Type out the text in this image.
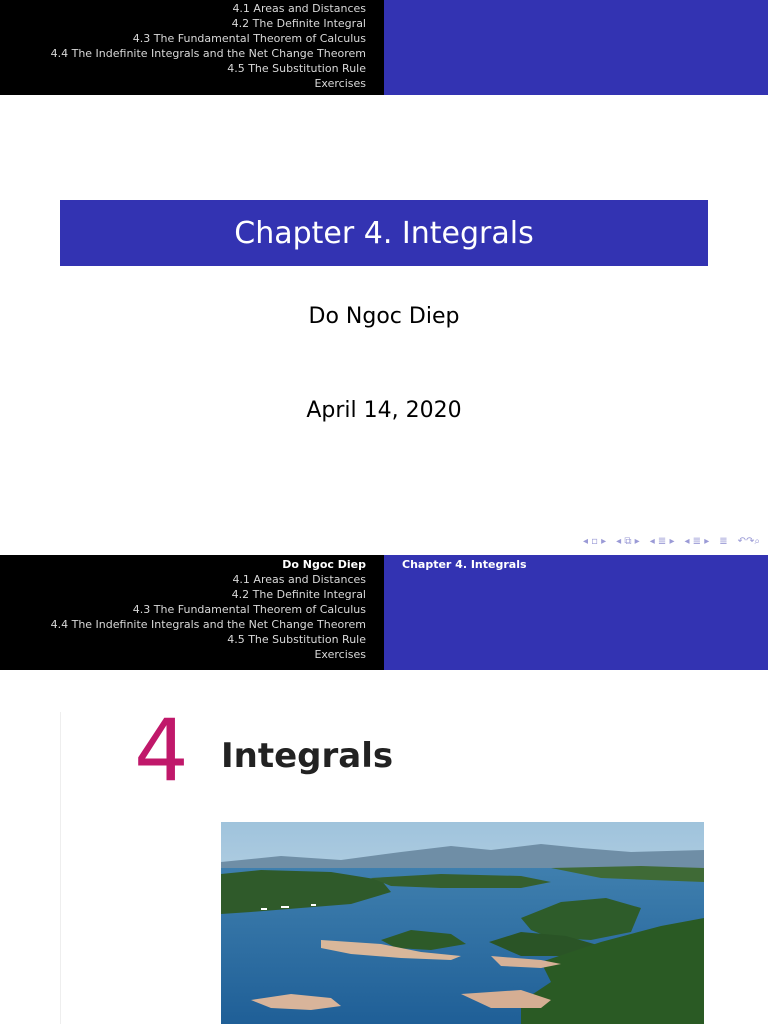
4.1 Areas and Distances
4.2 The Definite Integral
4.3 The Fundamental Theorem of Calculus
4.4 The Indefinite Integrals and the Net Change Theorem
4.5 The Substitution Rule
Exercises
Chapter 4. Integrals
Do Ngoc Diep
April 14, 2020
◂ ▫ ▸ ◂ ⧉ ▸ ◂ ≣ ▸ ◂ ≣ ▸ ≣ ↶↷⌕
Do Ngoc Diep
4.1 Areas and Distances
4.2 The Definite Integral
4.3 The Fundamental Theorem of Calculus
4.4 The Indefinite Integrals and the Net Change Theorem
4.5 The Substitution Rule
Exercises
Chapter 4. Integrals
4 Integrals
